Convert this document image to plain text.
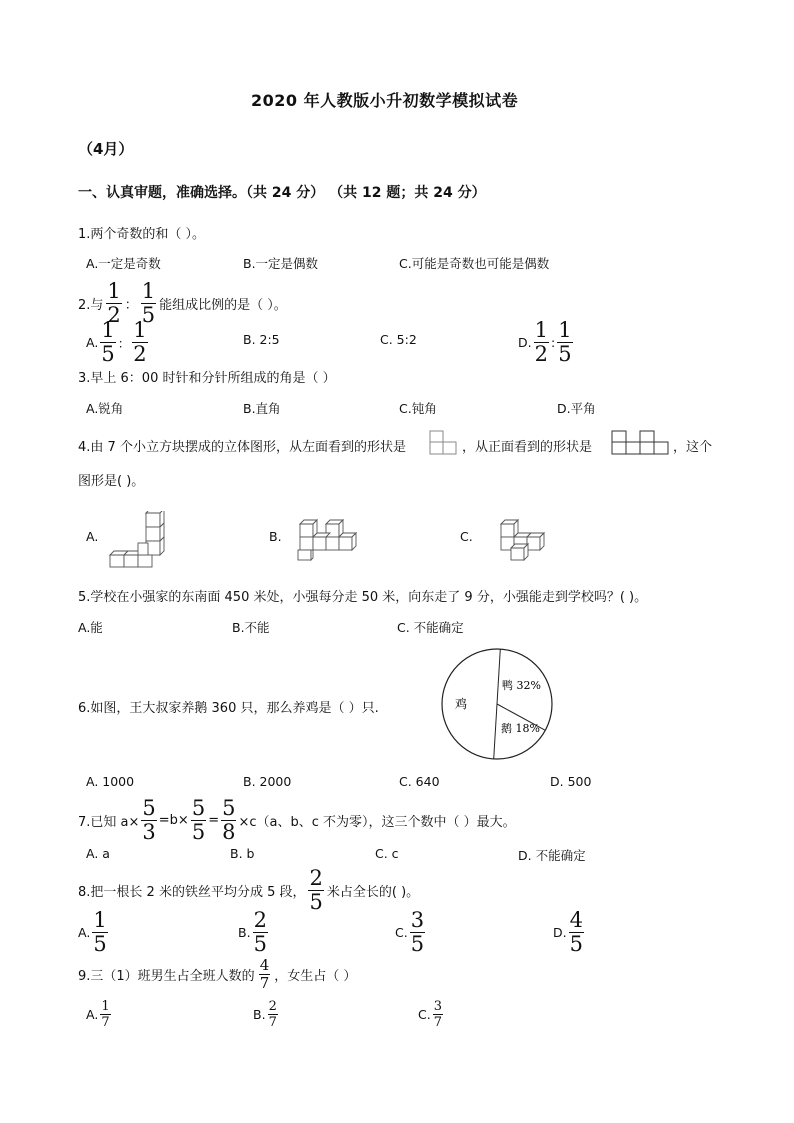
2020 年人教版小升初数学模拟试卷
（4月）
一、认真审题，准确选择。（共 24 分） （共 12 题；共 24 分）
1.两个奇数的和（ ）。
A.一定是奇数	B.一定是偶数	C.可能是奇数也可能是偶数
2.与 $\frac{1}{2}$ ： $\frac{1}{5}$ 能组成比例的是（ ）。
A. $\frac{1}{5}$ ： $\frac{1}{2}$	B. 2:5	C. 5:2	D. $\frac{1}{2}$ : $\frac{1}{5}$
3.早上 6：00 时针和分针所组成的角是（ ）
A.锐角	B.直角	C.钝角	D.平角
4.由 7 个小立方块摆成的立体图形，从左面看到的形状是	，从正面看到的形状是	，这个
图形是( )。
A.	B.	C.
5.学校在小强家的东南面 450 米处，小强每分走 50 米，向东走了 9 分，小强能走到学校吗？( )。
A.能	B.不能	C. 不能确定
6.如图，王大叔家养鹅 360 只，那么养鸡是（ ）只.	鸡
鸭 32%
鹅 18%
A. 1000	B. 2000	C. 640	D. 500
7.已知 $a\times \frac{5}{3} =b\times \frac{5}{5} = \frac{5}{8} \times c(a$、b、c 不为零），这三个数中（ ）最大。
A. a	B. b	C. c	D. 不能确定
8.把一根长 2 米的铁丝平均分成 5 段， $\frac{2}{5}$ 米占全长的( )。
A. $\frac{1}{5}$	B. $\frac{2}{5}$	C. $\frac{3}{5}$	D. $\frac{4}{5}$
9.三（1）班男生占全班人数的 $\frac{4}{7}$ ，女生占（ ）
A. $\frac{1}{7}$	B. $\frac{2}{7}$	C. $\frac{3}{7}$
